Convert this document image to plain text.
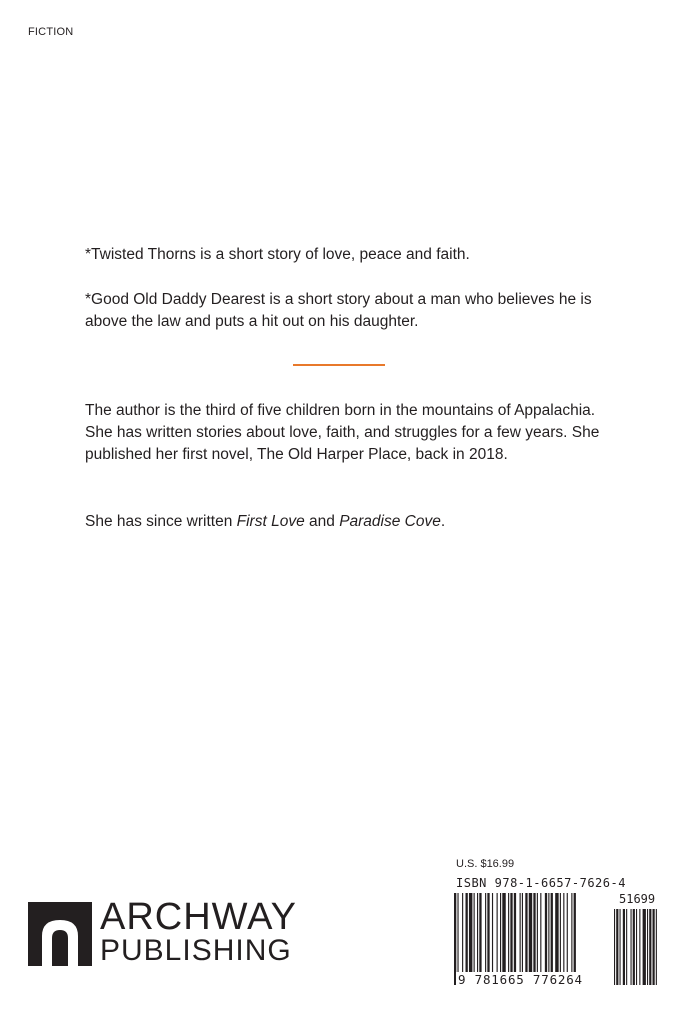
FICTION

*Twisted Thorns is a short story of love, peace and faith.

*Good Old Daddy Dearest is a short story about a man who believes he is above the law and puts a hit out on his daughter.

The author is the third of five children born in the mountains of Appalachia. She has written stories about love, faith, and struggles for a few years. She published her first novel, The Old Harper Place, back in 2018.

She has since written First Love and Paradise Cove.

U.S. $16.99
ISBN 978-1-6657-7626-4
51699
9 781665 776264
ARCHWAY
PUBLISHING
